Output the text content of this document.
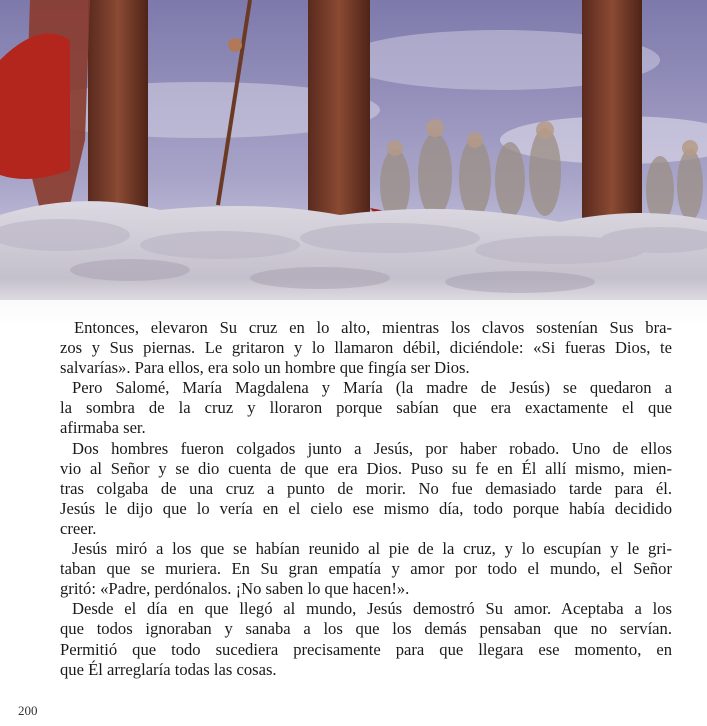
Entonces, elevaron Su cruz en lo alto, mientras los clavos sostenían Sus bra-
zos y Sus piernas. Le gritaron y lo llamaron débil, diciéndole: «Si fueras Dios, te
salvarías». Para ellos, era solo un hombre que fingía ser Dios.

Pero Salomé, María Magdalena y María (la madre de Jesús) se quedaron a
la sombra de la cruz y lloraron porque sabían que era exactamente el que
afirmaba ser.

Dos hombres fueron colgados junto a Jesús, por haber robado. Uno de ellos
vio al Señor y se dio cuenta de que era Dios. Puso su fe en Él allí mismo, mien-
tras colgaba de una cruz a punto de morir. No fue demasiado tarde para él.
Jesús le dijo que lo vería en el cielo ese mismo día, todo porque había decidido
creer.

Jesús miró a los que se habían reunido al pie de la cruz, y lo escupían y le gri-
taban que se muriera. En Su gran empatía y amor por todo el mundo, el Señor
gritó: «Padre, perdónalos. ¡No saben lo que hacen!».

Desde el día en que llegó al mundo, Jesús demostró Su amor. Aceptaba a los
que todos ignoraban y sanaba a los que los demás pensaban que no servían.
Permitió que todo sucediera precisamente para que llegara ese momento, en
que Él arreglaría todas las cosas.

200
